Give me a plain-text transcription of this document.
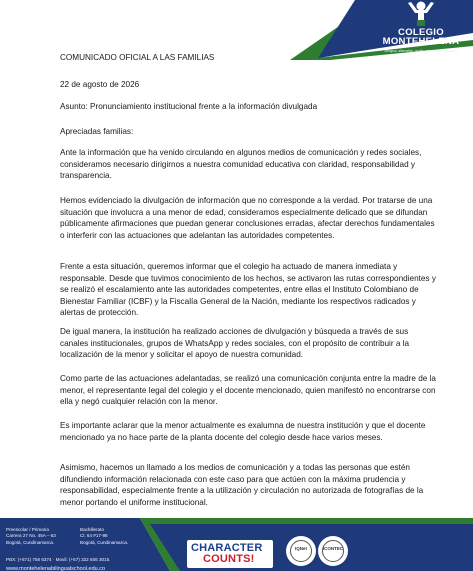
COLEGIO
MONTEHELENA
Bilingual, alternative, quality and sensible education

COMUNICADO OFICIAL A LAS FAMILIAS

22 de agosto de 2026

Asunto: Pronunciamiento institucional frente a la información divulgada

Apreciadas familias:

Ante la información que ha venido circulando en algunos medios de comunicación y redes sociales, consideramos necesario dirigirnos a nuestra comunidad educativa con claridad, responsabilidad y transparencia.

Hemos evidenciado la divulgación de información que no corresponde a la verdad. Por tratarse de una situación que involucra a una menor de edad, consideramos especialmente delicado que se difundan públicamente afirmaciones que puedan generar conclusiones erradas, afectar derechos fundamentales o interferir con las actuaciones que adelantan las autoridades competentes.

Frente a esta situación, queremos informar que el colegio ha actuado de manera inmediata y responsable. Desde que tuvimos conocimiento de los hechos, se activaron las rutas correspondientes y se realizó el escalamiento ante las autoridades competentes, entre ellas el Instituto Colombiano de Bienestar Familiar (ICBF) y la Fiscalía General de la Nación, mediante los respectivos radicados y alertas de protección.

De igual manera, la institución ha realizado acciones de divulgación y búsqueda a través de sus canales institucionales, grupos de WhatsApp y redes sociales, con el propósito de contribuir a la localización de la menor y solicitar el apoyo de nuestra comunidad.

Como parte de las actuaciones adelantadas, se realizó una comunicación conjunta entre la madre de la menor, el representante legal del colegio y el docente mencionado, quien manifestó no encontrarse con ella y negó cualquier relación con la menor.

Es importante aclarar que la menor actualmente es exalumna de nuestra institución y que el docente mencionado ya no hace parte de la planta docente del colegio desde hace varios meses.

Asimismo, hacemos un llamado a los medios de comunicación y a todas las personas que estén difundiendo información relacionada con este caso para que actúen con la máxima prudencia y responsabilidad, especialmente frente a la utilización y circulación no autorizada de fotografías de la menor portando el uniforme institucional.

Preescolar / Primaria
Carrera 27 No. 45A – 63
Bogotá, Cundinamarca.
Bachillerato
Cl. 64 #17-98
Bogotá, Cundinamarca.
PBX: (+571) 756 6374 · Movil: (+57) 322 606 3015.
www.montehelenabilingualschool.edu.co
CHARACTER
COUNTS!
IQNet	ICONTEC
